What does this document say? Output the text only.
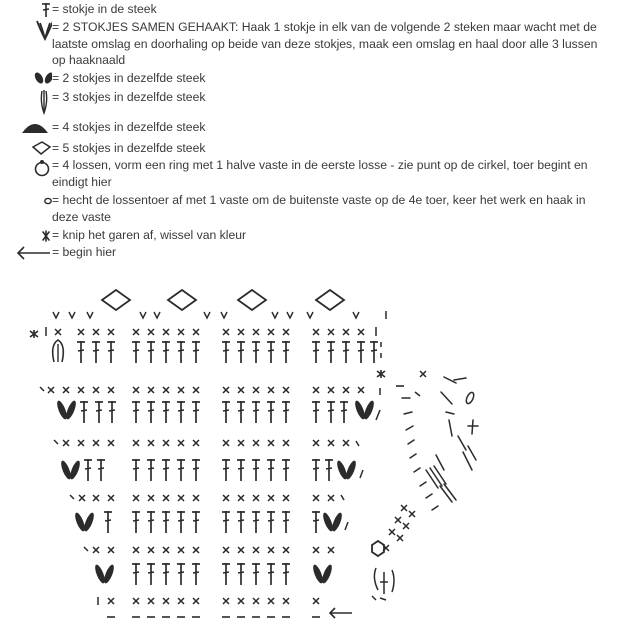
= stokje in de steek
= 2 STOKJES SAMEN GEHAAKT: Haak 1 stokje in elk van de volgende 2 steken maar wacht met de laatste omslag en doorhaling op beide van deze stokjes, maak een omslag en haal door alle 3 lussen op haaknaald
= 2 stokjes in dezelfde steek
= 3 stokjes in dezelfde steek
= 4 stokjes in dezelfde steek
= 5 stokjes in dezelfde steek
= 4 lossen, vorm een ring met 1 halve vaste in de eerste losse - zie punt op de cirkel, toer begint en eindigt hier
= hecht de lossentoer af met 1 vaste om de buitenste vaste op de 4e toer, keer het werk en haak in deze vaste
= knip het garen af, wissel van kleur
= begin hier
